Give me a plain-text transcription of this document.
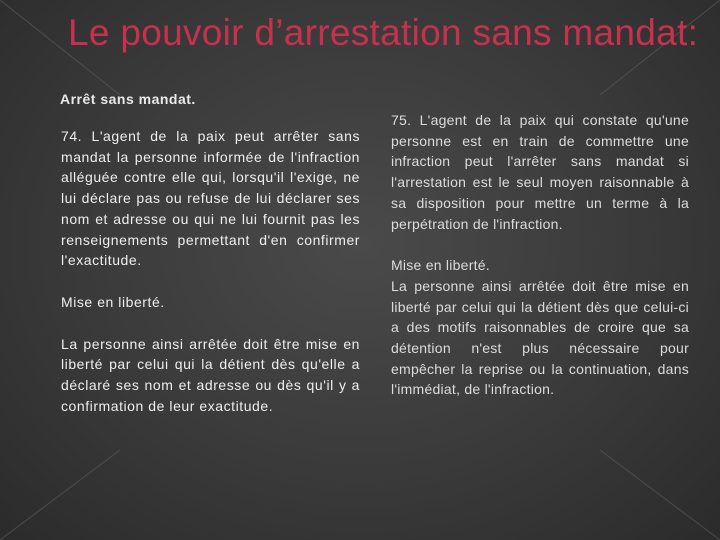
Le pouvoir d’arrestation sans mandat:
Arrêt sans mandat.

74. L'agent de la paix peut arrêter sans mandat la personne informée de l'infraction alléguée contre elle qui, lorsqu'il l'exige, ne lui déclare pas ou refuse de lui déclarer ses nom et adresse ou qui ne lui fournit pas les renseignements permettant d'en confirmer l'exactitude.

Mise en liberté.

La personne ainsi arrêtée doit être mise en liberté par celui qui la détient dès qu'elle a déclaré ses nom et adresse ou dès qu'il y a confirmation de leur exactitude.

75. L'agent de la paix qui constate qu'une personne est en train de commettre une infraction peut l'arrêter sans mandat si l'arrestation est le seul moyen raisonnable à sa disposition pour mettre un terme à la perpétration de l'infraction.

Mise en liberté.

La personne ainsi arrêtée doit être mise en liberté par celui qui la détient dès que celui-ci a des motifs raisonnables de croire que sa détention n'est plus nécessaire pour empêcher la reprise ou la continuation, dans l'immédiat, de l'infraction.
